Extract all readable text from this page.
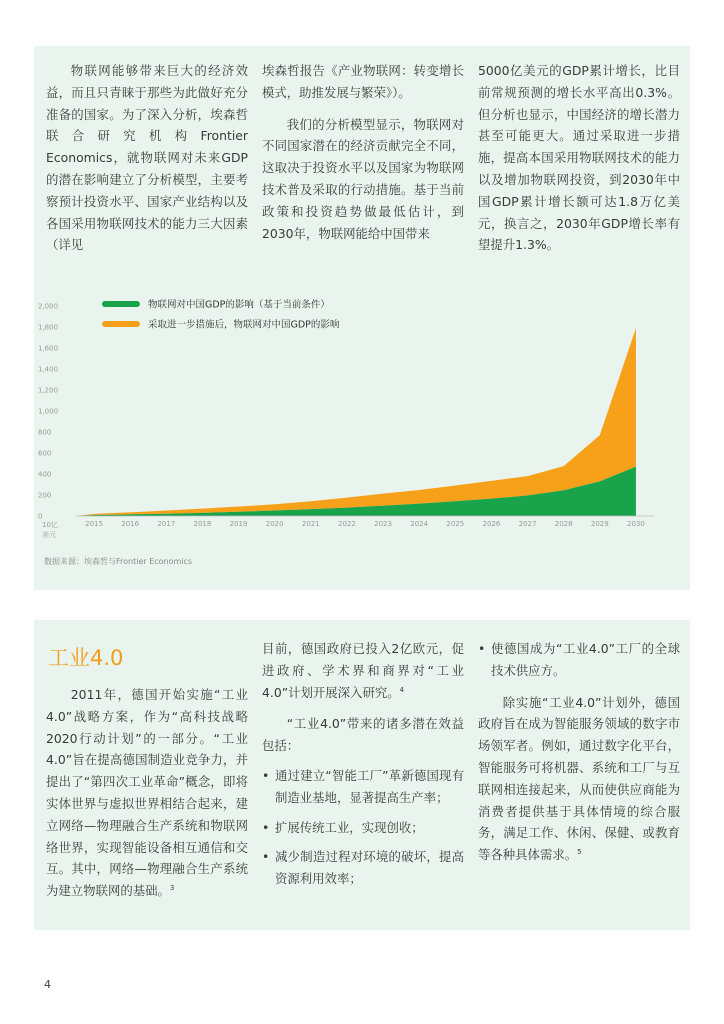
物联网能够带来巨大的经济效益，而且只青睐于那些为此做好充分准备的国家。为了深入分析，埃森哲联合研究机构Frontier Economics，就物联网对未来GDP的潜在影响建立了分析模型，主要考察预计投资水平、国家产业结构以及各国采用物联网技术的能力三大因素（详见

埃森哲报告《产业物联网：转变增长模式，助推发展与繁荣》）。

我们的分析模型显示，物联网对不同国家潜在的经济贡献完全不同，这取决于投资水平以及国家为物联网技术普及采取的行动措施。基于当前政策和投资趋势做最低估计，到2030年，物联网能给中国带来

5000亿美元的GDP累计增长，比目前常规预测的增长水平高出0.3%。但分析也显示，中国经济的增长潜力甚至可能更大。通过采取进一步措施，提高本国采用物联网技术的能力以及增加物联网投资，到2030年中国GDP累计增长额可达1.8万亿美元，换言之，2030年GDP增长率有望提升1.3%。

0
200
400
600
800
1,000
1,200
1,400
1,600
1,800
2,000
2015	2016	2017	2018	2019	2020	2021	2022	2023	2024	2025	2026	2027	2028	2029	2030
物联网对中国GDP的影响（基于当前条件）
采取进一步措施后，物联网对中国GDP的影响
10亿美元
数据来源：埃森哲与Frontier Economics
工业4.0

2011年，德国开始实施“工业4.0”战略方案，作为“高科技战略2020行动计划”的一部分。“工业4.0”旨在提高德国制造业竞争力，并提出了“第四次工业革命”概念，即将实体世界与虚拟世界相结合起来，建立网络—物理融合生产系统和物联网络世界，实现智能设备相互通信和交互。其中，网络—物理融合生产系统为建立物联网的基础。$^3$

目前，德国政府已投入2亿欧元，促进政府、学术界和商界对“工业4.0”计划开展深入研究。$^4$

“工业4.0”带来的诸多潜在效益包括：

• 通过建立“智能工厂”革新德国现有制造业基地，显著提高生产率；
• 扩展传统工业，实现创收；
• 减少制造过程对环境的破坏，提高资源利用效率；
• 使德国成为“工业4.0”工厂的全球技术供应方。

除实施“工业4.0”计划外，德国政府旨在成为智能服务领域的数字市场领军者。例如，通过数字化平台，智能服务可将机器、系统和工厂与互联网相连接起来，从而使供应商能为消费者提供基于具体情境的综合服务，满足工作、休闲、保健、或教育等各种具体需求。$^5$

4
